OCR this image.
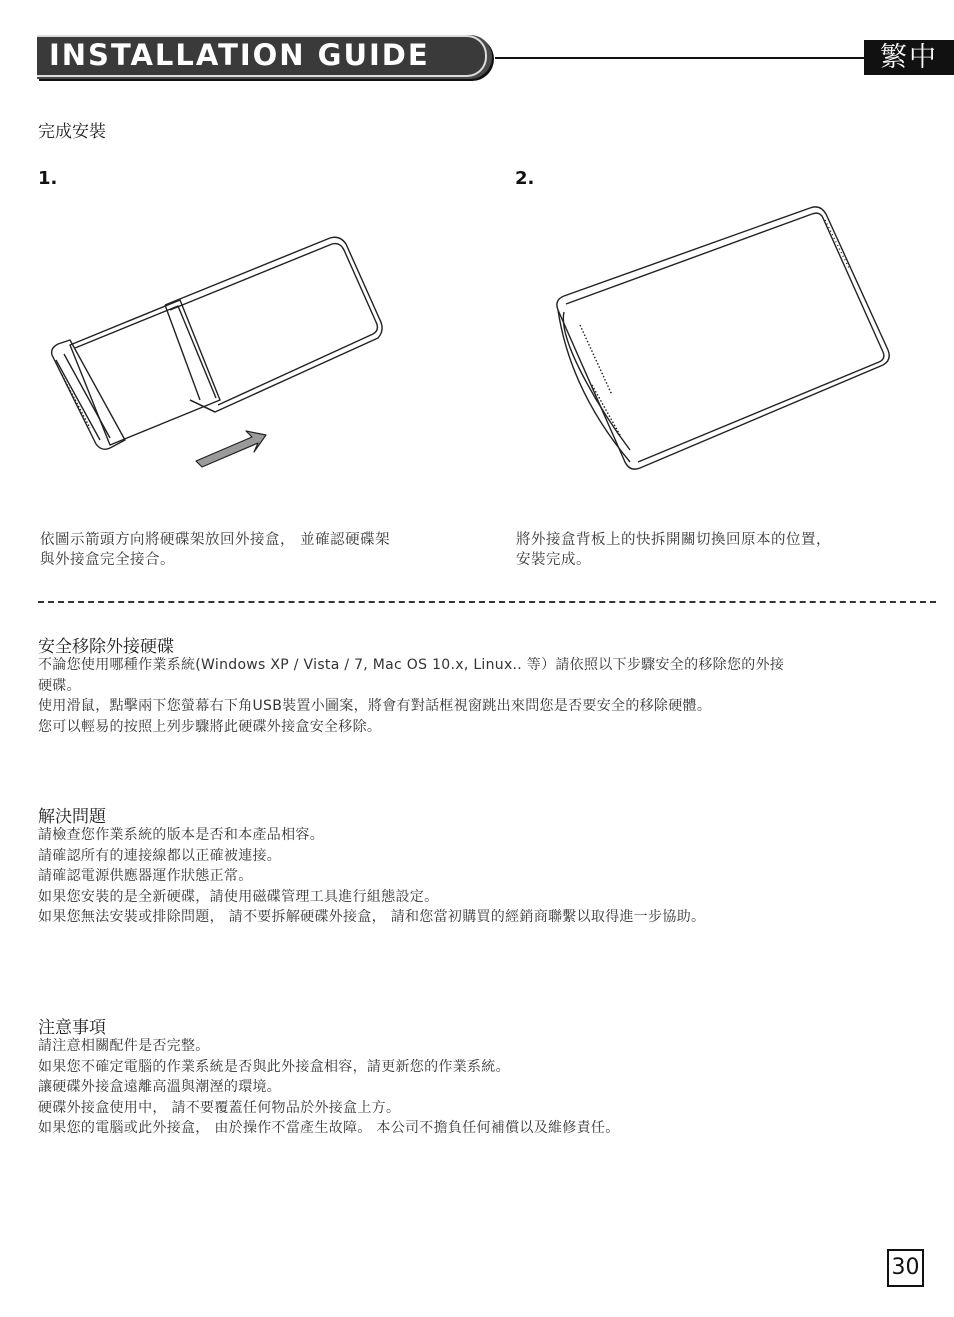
INSTALLATION GUIDE	繁中
完成安裝
1.	2.
依圖示箭頭方向將硬碟架放回外接盒， 並確認硬碟架
與外接盒完全接合。
將外接盒背板上的快拆開關切換回原本的位置，
安裝完成。
安全移除外接硬碟
不論您使用哪種作業系統(Windows XP / Vista / 7, Mac OS 10.x, Linux.. 等）請依照以下步驟安全的移除您的外接
硬碟。
使用滑鼠，點擊兩下您螢幕右下角USB裝置小圖案，將會有對話框視窗跳出來問您是否要安全的移除硬體。
您可以輕易的按照上列步驟將此硬碟外接盒安全移除。
解決問題
請檢查您作業系統的版本是否和本產品相容。
請確認所有的連接線都以正確被連接。
請確認電源供應器運作狀態正常。
如果您安裝的是全新硬碟，請使用磁碟管理工具進行組態設定。
如果您無法安裝或排除問題， 請不要拆解硬碟外接盒， 請和您當初購買的經銷商聯繫以取得進一步協助。
注意事項
請注意相關配件是否完整。
如果您不確定電腦的作業系統是否與此外接盒相容，請更新您的作業系統。
讓硬碟外接盒遠離高溫與潮溼的環境。
硬碟外接盒使用中， 請不要覆蓋任何物品於外接盒上方。
如果您的電腦或此外接盒， 由於操作不當產生故障。 本公司不擔負任何補償以及維修責任。
30
